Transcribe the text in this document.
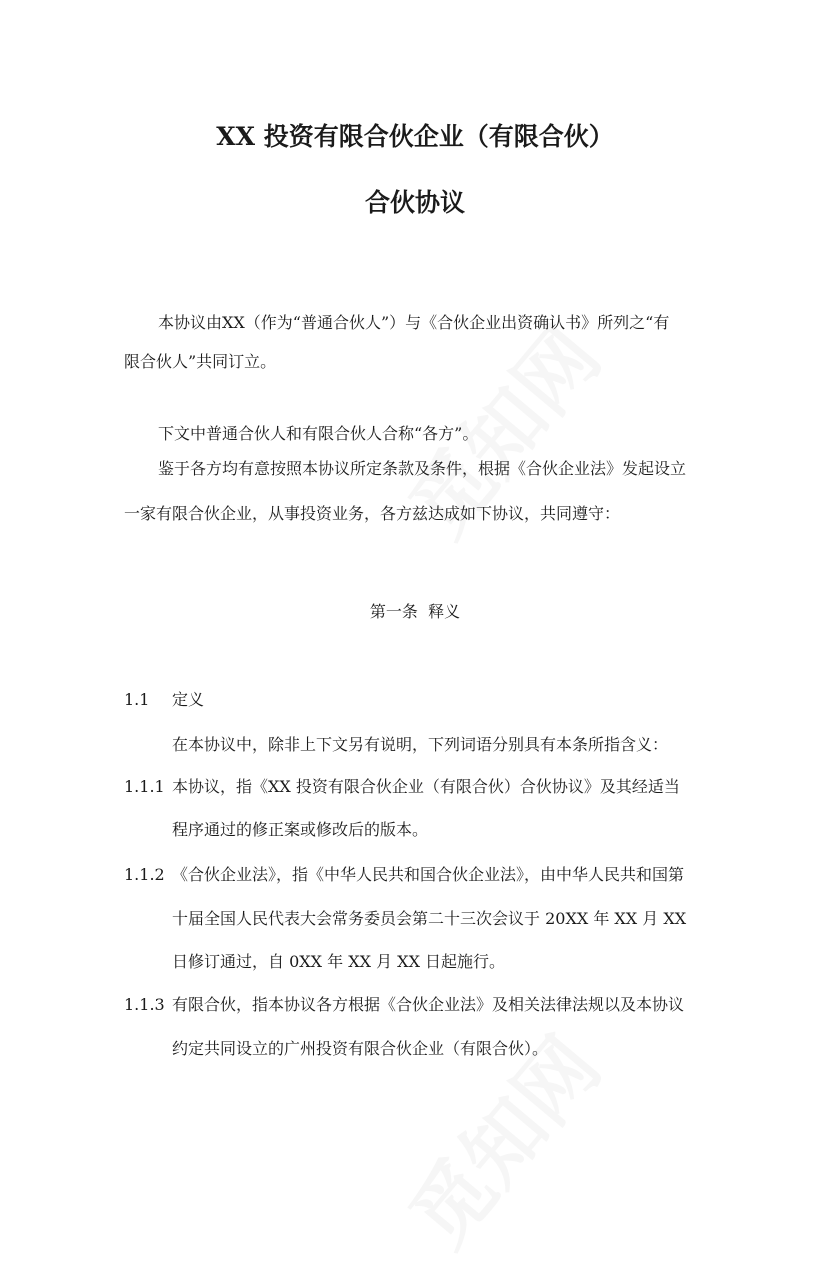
XX 投资有限合伙企业（有限合伙）
合伙协议
本协议由XX（作为“普通合伙人”）与《合伙企业出资确认书》所列之“有
限合伙人”共同订立。
下文中普通合伙人和有限合伙人合称“各方”。
鉴于各方均有意按照本协议所定条款及条件，根据《合伙企业法》发起设立
一家有限合伙企业，从事投资业务，各方兹达成如下协议，共同遵守：
第一条  释义
1.1 定义
在本协议中，除非上下文另有说明，下列词语分别具有本条所指含义：
1.1.1 本协议，指《XX 投资有限合伙企业（有限合伙）合伙协议》及其经适当
程序通过的修正案或修改后的版本。
1.1.2 《合伙企业法》，指《中华人民共和国合伙企业法》，由中华人民共和国第
十届全国人民代表大会常务委员会第二十三次会议于 20XX 年 XX 月 XX
日修订通过，自 0XX 年 XX 月 XX 日起施行。
1.1.3 有限合伙，指本协议各方根据《合伙企业法》及相关法律法规以及本协议
约定共同设立的广州投资有限合伙企业（有限合伙）。
